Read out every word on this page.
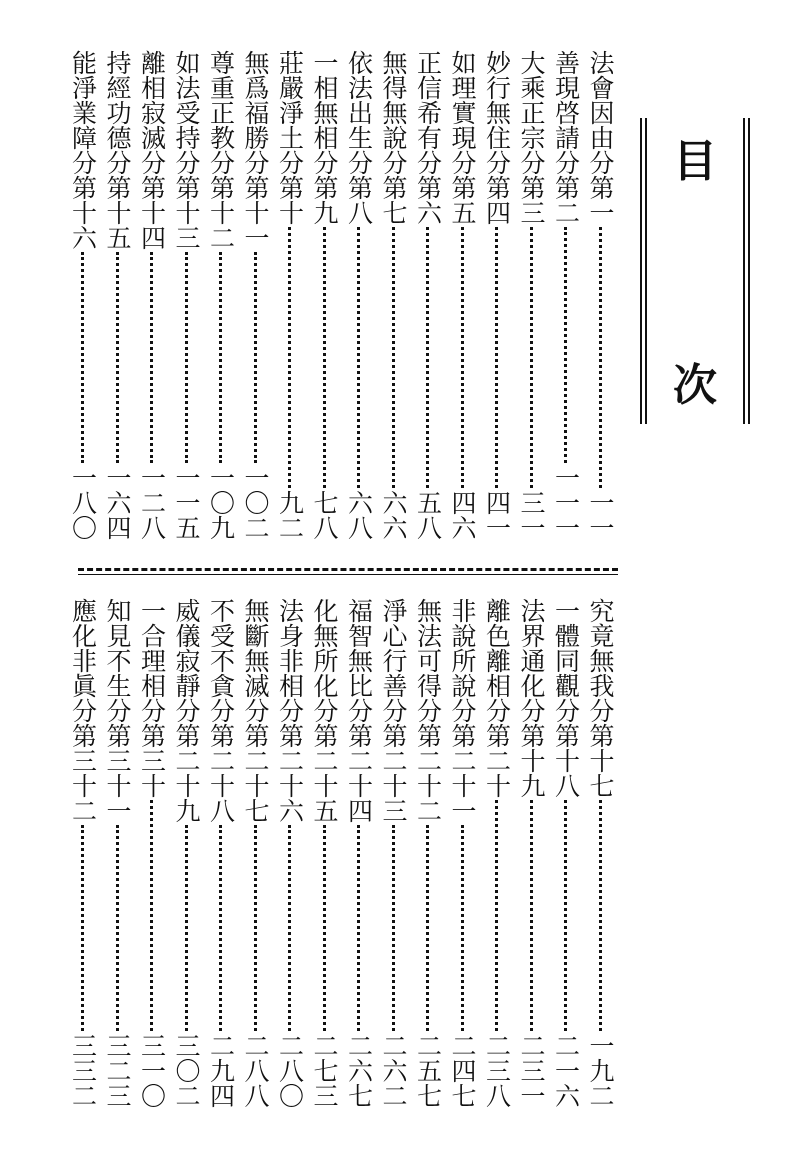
目
次
法會因由分第一
一一
善現啓請分第二
一一一
大乘正宗分第三
三一
妙行無住分第四
四一
如理實現分第五
四六
正信希有分第六
五八
無得無說分第七
六六
依法出生分第八
六八
一相無相分第九
七八
莊嚴淨土分第十
九二
無爲福勝分第十一
一〇二
尊重正教分第十二
一〇九
如法受持分第十三
一一五
離相寂滅分第十四
一二八
持經功德分第十五
一六四
能淨業障分第十六
一八〇
究竟無我分第十七
一九二
一體同觀分第十八
二一六
法界通化分第十九
二三一
離色離相分第二十
二三八
非說所說分第二十一
二四七
無法可得分第二十二
二五七
淨心行善分第二十三
二六二
福智無比分第二十四
二六七
化無所化分第二十五
二七三
法身非相分第二十六
二八〇
無斷無滅分第二十七
二八八
不受不貪分第二十八
二九四
威儀寂靜分第二十九
三〇二
一合理相分第三十
三一〇
知見不生分第三十一
三二三
應化非眞分第三十二
三三二
